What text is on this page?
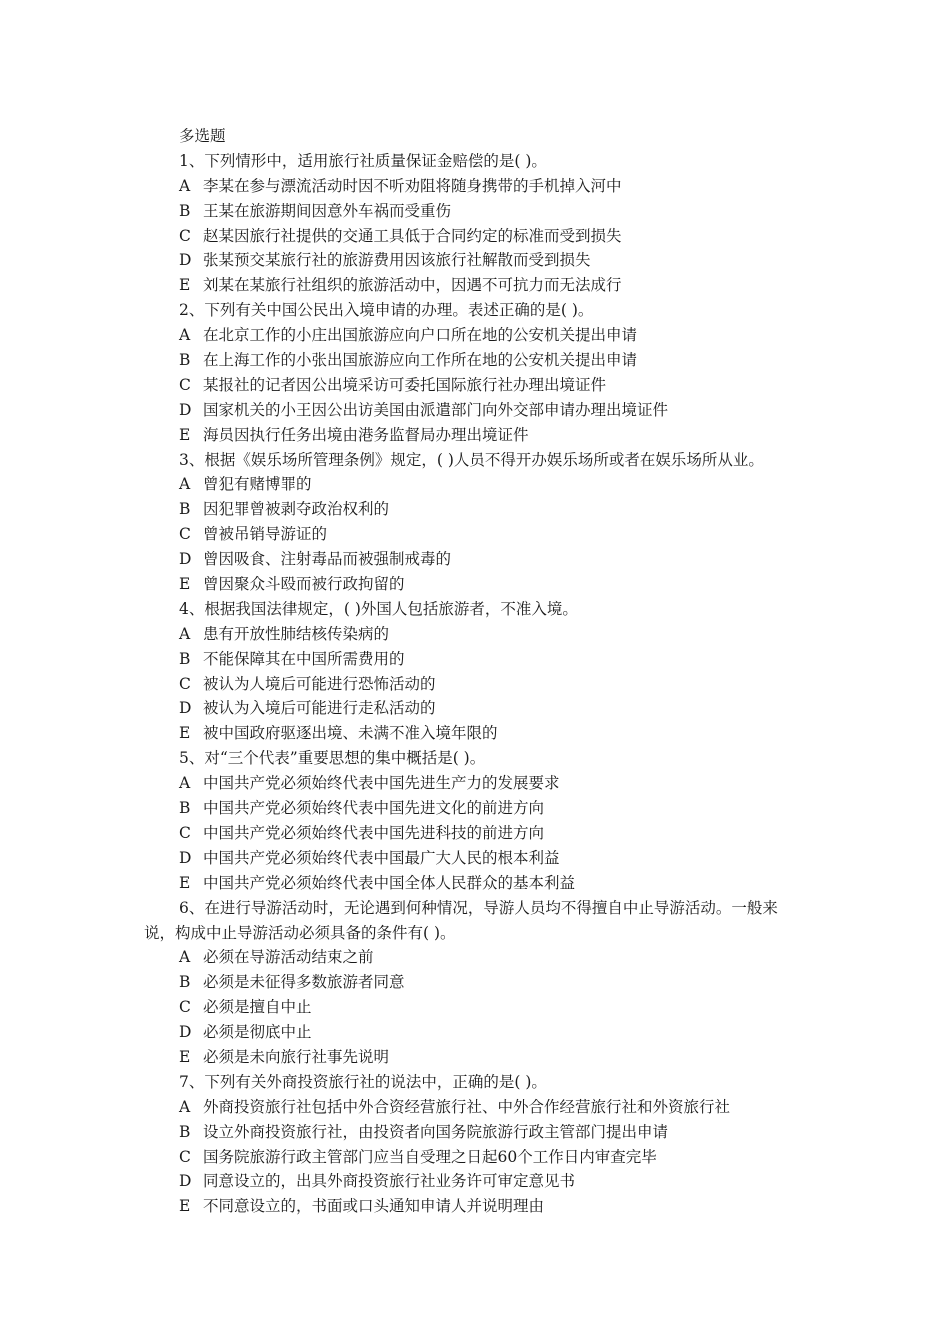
多选题
1、下列情形中，适用旅行社质量保证金赔偿的是( )。
A 李某在参与漂流活动时因不听劝阻将随身携带的手机掉入河中
B 王某在旅游期间因意外车祸而受重伤
C 赵某因旅行社提供的交通工具低于合同约定的标准而受到损失
D 张某预交某旅行社的旅游费用因该旅行社解散而受到损失
E 刘某在某旅行社组织的旅游活动中，因遇不可抗力而无法成行
2、下列有关中国公民出入境申请的办理。表述正确的是( )。
A 在北京工作的小庄出国旅游应向户口所在地的公安机关提出申请
B 在上海工作的小张出国旅游应向工作所在地的公安机关提出申请
C 某报社的记者因公出境采访可委托国际旅行社办理出境证件
D 国家机关的小王因公出访美国由派遣部门向外交部申请办理出境证件
E 海员因执行任务出境由港务监督局办理出境证件
3、根据《娱乐场所管理条例》规定，( )人员不得开办娱乐场所或者在娱乐场所从业。
A 曾犯有赌博罪的
B 因犯罪曾被剥夺政治权利的
C 曾被吊销导游证的
D 曾因吸食、注射毒品而被强制戒毒的
E 曾因聚众斗殴而被行政拘留的
4、根据我国法律规定，( )外国人包括旅游者，不准入境。
A 患有开放性肺结核传染病的
B 不能保障其在中国所需费用的
C 被认为人境后可能进行恐怖活动的
D 被认为入境后可能进行走私活动的
E 被中国政府驱逐出境、未满不准入境年限的
5、对“三个代表”重要思想的集中概括是( )。
A 中国共产党必须始终代表中国先进生产力的发展要求
B 中国共产党必须始终代表中国先进文化的前进方向
C 中国共产党必须始终代表中国先进科技的前进方向
D 中国共产党必须始终代表中国最广大人民的根本利益
E 中国共产党必须始终代表中国全体人民群众的基本利益
6、在进行导游活动时，无论遇到何种情况，导游人员均不得擅自中止导游活动。一般来
说，构成中止导游活动必须具备的条件有( )。
A 必须在导游活动结束之前
B 必须是未征得多数旅游者同意
C 必须是擅自中止
D 必须是彻底中止
E 必须是未向旅行社事先说明
7、下列有关外商投资旅行社的说法中，正确的是( )。
A 外商投资旅行社包括中外合资经营旅行社、中外合作经营旅行社和外资旅行社
B 设立外商投资旅行社，由投资者向国务院旅游行政主管部门提出申请
C 国务院旅游行政主管部门应当自受理之日起60个工作日内审查完毕
D 同意设立的，出具外商投资旅行社业务许可审定意见书
E 不同意设立的，书面或口头通知申请人并说明理由
